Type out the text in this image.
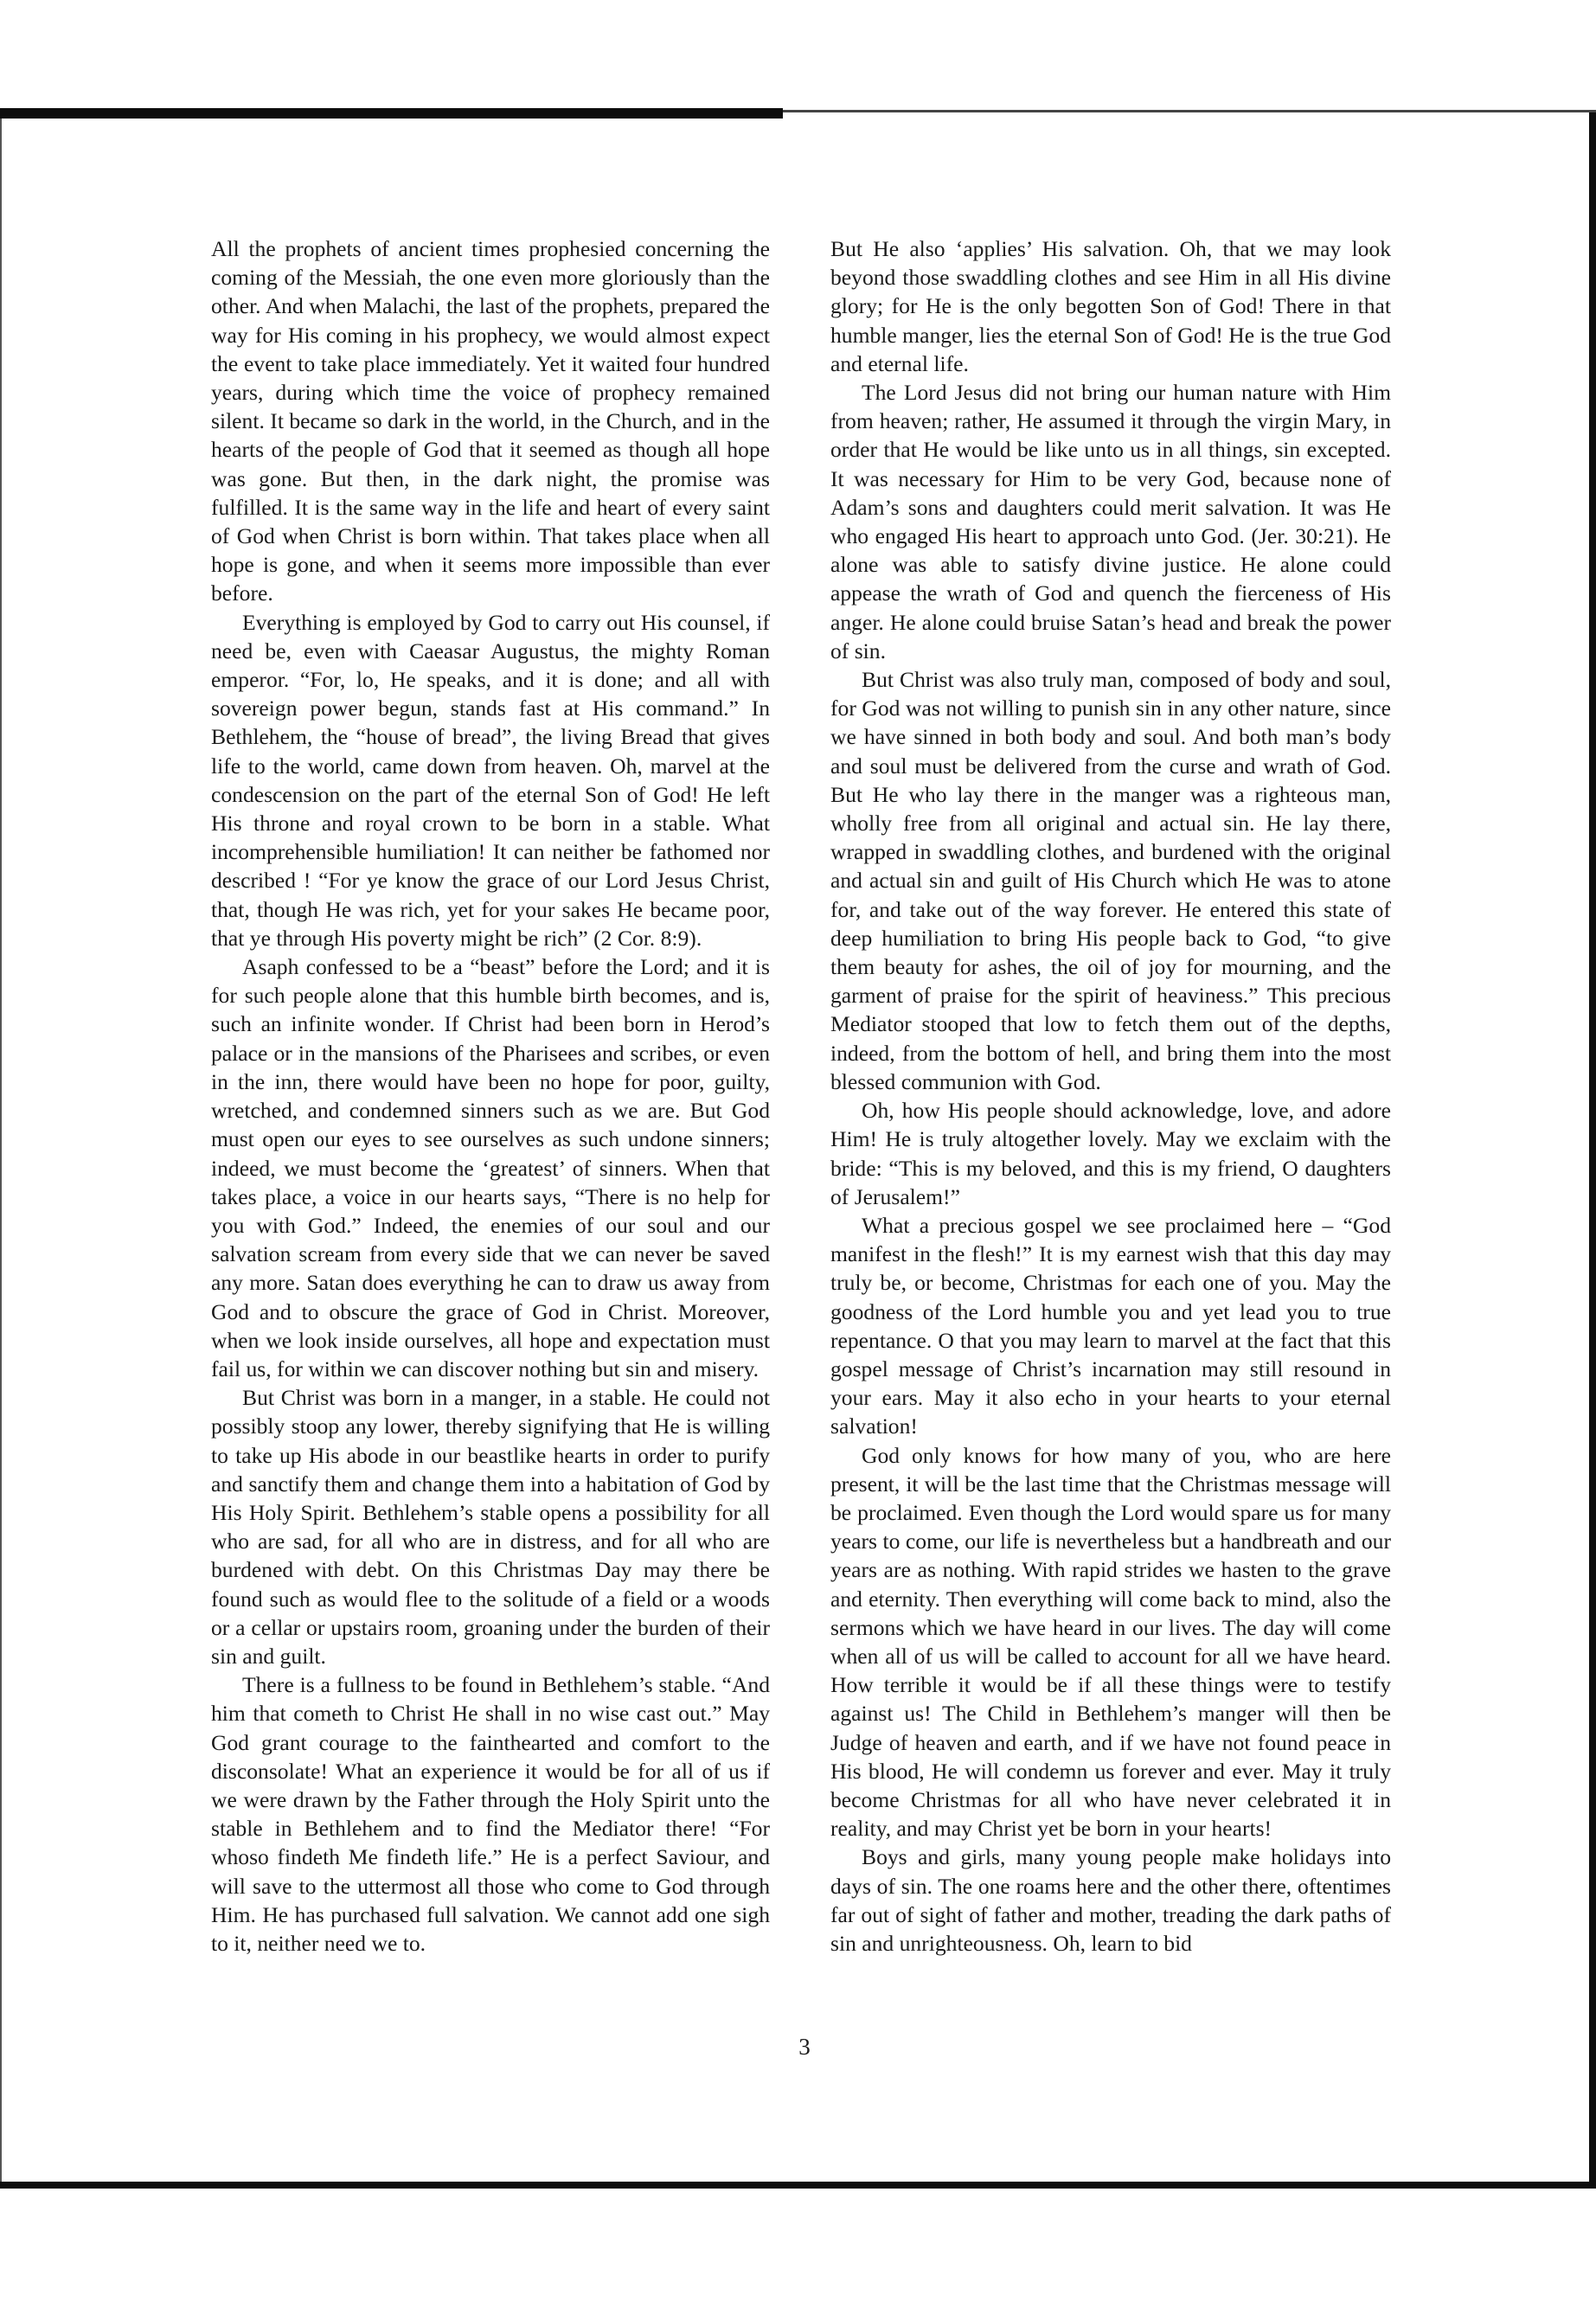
All the prophets of ancient times prophesied concerning the coming of the Messiah, the one even more gloriously than the other. And when Malachi, the last of the prophets, prepared the way for His coming in his prophecy, we would almost expect the event to take place immediately. Yet it waited four hundred years, during which time the voice of prophecy remained silent. It became so dark in the world, in the Church, and in the hearts of the people of God that it seemed as though all hope was gone. But then, in the dark night, the promise was fulfilled. It is the same way in the life and heart of every saint of God when Christ is born within. That takes place when all hope is gone, and when it seems more impossible than ever before.

Everything is employed by God to carry out His counsel, if need be, even with Caeasar Augustus, the mighty Roman emperor. “For, lo, He speaks, and it is done; and all with sovereign power begun, stands fast at His command.” In Bethlehem, the “house of bread”, the living Bread that gives life to the world, came down from heaven. Oh, marvel at the condescension on the part of the eternal Son of God! He left His throne and royal crown to be born in a stable. What incomprehensible humiliation! It can neither be fathomed nor described ! “For ye know the grace of our Lord Jesus Christ, that, though He was rich, yet for your sakes He became poor, that ye through His poverty might be rich” (2 Cor. 8:9).

Asaph confessed to be a “beast” before the Lord; and it is for such people alone that this humble birth becomes, and is, such an infinite wonder. If Christ had been born in Herod’s palace or in the mansions of the Pharisees and scribes, or even in the inn, there would have been no hope for poor, guilty, wretched, and condemned sinners such as we are. But God must open our eyes to see ourselves as such undone sinners; indeed, we must become the ‘greatest’ of sinners. When that takes place, a voice in our hearts says, “There is no help for you with God.” Indeed, the enemies of our soul and our salvation scream from every side that we can never be saved any more. Satan does everything he can to draw us away from God and to obscure the grace of God in Christ. Moreover, when we look inside ourselves, all hope and expectation must fail us, for within we can discover nothing but sin and misery.

But Christ was born in a manger, in a stable. He could not possibly stoop any lower, thereby signifying that He is willing to take up His abode in our beastlike hearts in order to purify and sanctify them and change them into a habitation of God by His Holy Spirit. Bethlehem’s stable opens a possibility for all who are sad, for all who are in distress, and for all who are burdened with debt. On this Christmas Day may there be found such as would flee to the solitude of a field or a woods or a cellar or upstairs room, groaning under the burden of their sin and guilt.

There is a fullness to be found in Bethlehem’s stable. “And him that cometh to Christ He shall in no wise cast out.” May God grant courage to the fainthearted and comfort to the disconsolate! What an experience it would be for all of us if we were drawn by the Father through the Holy Spirit unto the stable in Bethlehem and to find the Mediator there! “For whoso findeth Me findeth life.” He is a perfect Saviour, and will save to the uttermost all those who come to God through Him. He has purchased full salvation. We cannot add one sigh to it, neither need we to.

But He also ‘applies’ His salvation. Oh, that we may look beyond those swaddling clothes and see Him in all His divine glory; for He is the only begotten Son of God! There in that humble manger, lies the eternal Son of God! He is the true God and eternal life.

The Lord Jesus did not bring our human nature with Him from heaven; rather, He assumed it through the virgin Mary, in order that He would be like unto us in all things, sin excepted. It was necessary for Him to be very God, because none of Adam’s sons and daughters could merit salvation. It was He who engaged His heart to approach unto God. (Jer. 30:21). He alone was able to satisfy divine justice. He alone could appease the wrath of God and quench the fierceness of His anger. He alone could bruise Satan’s head and break the power of sin.

But Christ was also truly man, composed of body and soul, for God was not willing to punish sin in any other nature, since we have sinned in both body and soul. And both man’s body and soul must be delivered from the curse and wrath of God. But He who lay there in the manger was a righteous man, wholly free from all original and actual sin. He lay there, wrapped in swaddling clothes, and burdened with the original and actual sin and guilt of His Church which He was to atone for, and take out of the way forever. He entered this state of deep humiliation to bring His people back to God, “to give them beauty for ashes, the oil of joy for mourning, and the garment of praise for the spirit of heaviness.” This precious Mediator stooped that low to fetch them out of the depths, indeed, from the bottom of hell, and bring them into the most blessed communion with God.

Oh, how His people should acknowledge, love, and adore Him! He is truly altogether lovely. May we exclaim with the bride: “This is my beloved, and this is my friend, O daughters of Jerusalem!”

What a precious gospel we see proclaimed here – “God manifest in the flesh!” It is my earnest wish that this day may truly be, or become, Christmas for each one of you. May the goodness of the Lord humble you and yet lead you to true repentance. O that you may learn to marvel at the fact that this gospel message of Christ’s incarnation may still resound in your ears. May it also echo in your hearts to your eternal salvation!

God only knows for how many of you, who are here present, it will be the last time that the Christmas message will be proclaimed. Even though the Lord would spare us for many years to come, our life is nevertheless but a handbreath and our years are as nothing. With rapid strides we hasten to the grave and eternity. Then everything will come back to mind, also the sermons which we have heard in our lives. The day will come when all of us will be called to account for all we have heard. How terrible it would be if all these things were to testify against us! The Child in Bethlehem’s manger will then be Judge of heaven and earth, and if we have not found peace in His blood, He will condemn us forever and ever. May it truly become Christmas for all who have never celebrated it in reality, and may Christ yet be born in your hearts!

Boys and girls, many young people make holidays into days of sin. The one roams here and the other there, oftentimes far out of sight of father and mother, treading the dark paths of sin and unrighteousness. Oh, learn to bid

3
